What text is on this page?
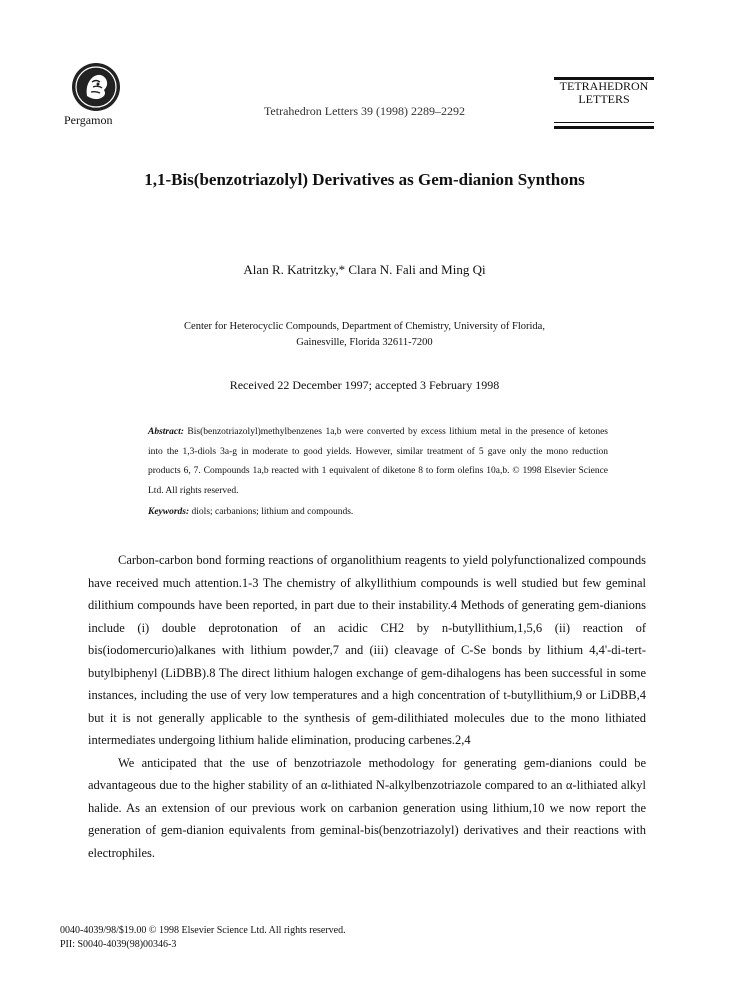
Pergamon
Tetrahedron Letters 39 (1998) 2289–2292
TETRAHEDRON
LETTERS
1,1-Bis(benzotriazolyl) Derivatives as Gem-dianion Synthons
Alan R. Katritzky,* Clara N. Fali and Ming Qi
Center for Heterocyclic Compounds, Department of Chemistry, University of Florida,
Gainesville, Florida 32611-7200
Received 22 December 1997; accepted 3 February 1998
Abstract: Bis(benzotriazolyl)methylbenzenes 1a,b were converted by excess lithium metal in the presence of ketones into the 1,3-diols 3a-g in moderate to good yields. However, similar treatment of 5 gave only the mono reduction products 6, 7. Compounds 1a,b reacted with 1 equivalent of diketone 8 to form olefins 10a,b. © 1998 Elsevier Science Ltd. All rights reserved.
Keywords: diols; carbanions; lithium and compounds.

Carbon-carbon bond forming reactions of organolithium reagents to yield polyfunctionalized compounds have received much attention.1-3 The chemistry of alkyllithium compounds is well studied but few geminal dilithium compounds have been reported, in part due to their instability.4 Methods of generating gem-dianions include (i) double deprotonation of an acidic CH2 by n-butyllithium,1,5,6 (ii) reaction of bis(iodomercurio)alkanes with lithium powder,7 and (iii) cleavage of C-Se bonds by lithium 4,4'-di-tert-butylbiphenyl (LiDBB).8 The direct lithium halogen exchange of gem-dihalogens has been successful in some instances, including the use of very low temperatures and a high concentration of t-butyllithium,9 or LiDBB,4 but it is not generally applicable to the synthesis of gem-dilithiated molecules due to the mono lithiated intermediates undergoing lithium halide elimination, producing carbenes.2,4

We anticipated that the use of benzotriazole methodology for generating gem-dianions could be advantageous due to the higher stability of an α-lithiated N-alkylbenzotriazole compared to an α-lithiated alkyl halide. As an extension of our previous work on carbanion generation using lithium,10 we now report the generation of gem-dianion equivalents from geminal-bis(benzotriazolyl) derivatives and their reactions with electrophiles.

0040-4039/98/$19.00 © 1998 Elsevier Science Ltd. All rights reserved.
PII: S0040-4039(98)00346-3
